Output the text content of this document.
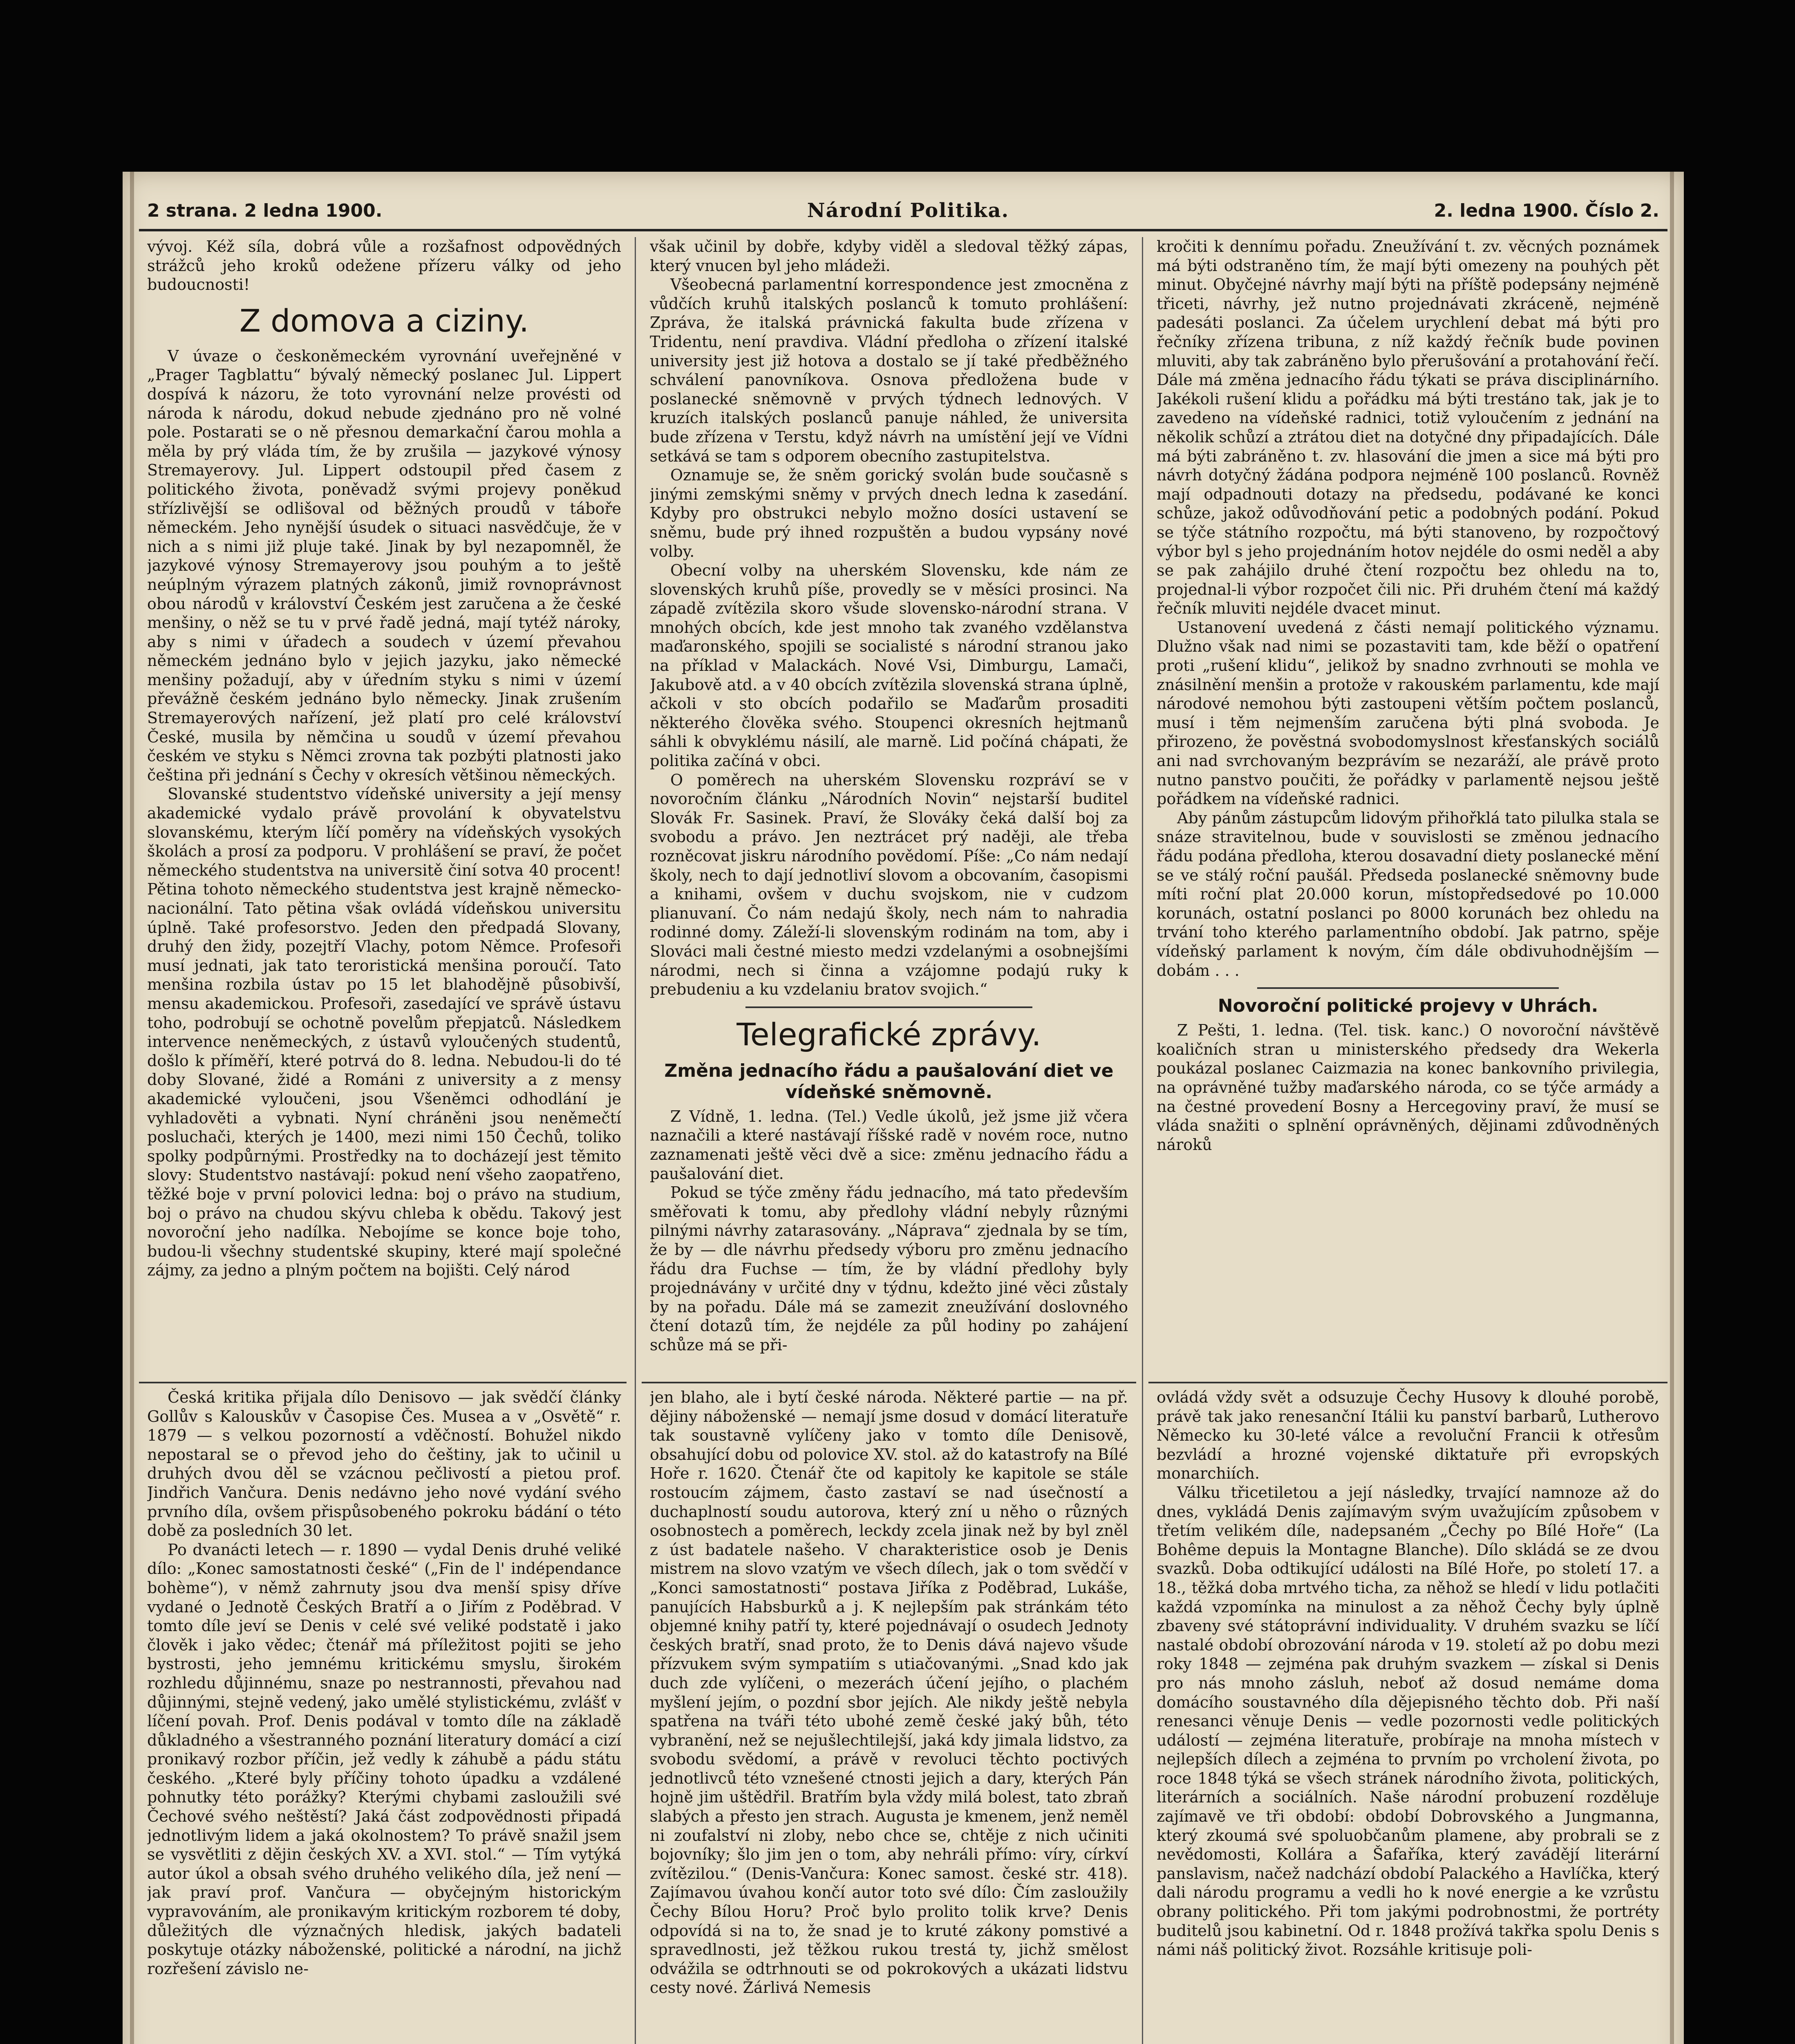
2 strana. 2 ledna 1900.	Národní Politika.	2. ledna 1900. Číslo 2.

vývoj. Kéž síla, dobrá vůle a rozšafnost odpovědných strážců jeho kroků odežene přízeru války od jeho budoucnosti!

Z domova a ciziny.

V úvaze o českoněmeckém vyrovnání uveřejněné v „Prager Tagblattu“ bývalý německý poslanec Jul. Lippert dospívá k názoru, že toto vyrovnání nelze provésti od národa k národu, dokud nebude zjednáno pro ně volné pole. Postarati se o ně přesnou demarkační čarou mohla a měla by prý vláda tím, že by zrušila — jazykové výnosy Stremayerovy. Jul. Lippert odstoupil před časem z politického života, poněvadž svými projevy poněkud střízlivější se odlišoval od běžných proudů v táboře německém. Jeho nynější úsudek o situaci nasvědčuje, že v nich a s nimi již pluje také. Jinak by byl nezapomněl, že jazykové výnosy Stremayerovy jsou pouhým a to ještě neúplným výrazem platných zákonů, jimiž rovnoprávnost obou národů v království Českém jest zaručena a že české menšiny, o něž se tu v prvé řadě jedná, mají tytéž nároky, aby s nimi v úřadech a soudech v území převahou německém jednáno bylo v jejich jazyku, jako německé menšiny požadují, aby v úředním styku s nimi v území převážně českém jednáno bylo německy. Jinak zrušením Stremayerových nařízení, jež platí pro celé království České, musila by němčina u soudů v území převahou českém ve styku s Němci zrovna tak pozbýti platnosti jako čeština při jednání s Čechy v okresích většinou německých.

Slovanské studentstvo vídeňské university a její mensy akademické vydalo právě provolání k obyvatelstvu slovanskému, kterým líčí poměry na vídeňských vysokých školách a prosí za podporu. V prohlášení se praví, že počet německého studentstva na universitě činí sotva 40 procent! Pětina tohoto německého studentstva jest krajně německo-nacionální. Tato pětina však ovládá vídeňskou universitu úplně. Také profesorstvo. Jeden den předpadá Slovany, druhý den židy, pozejtří Vlachy, potom Němce. Profesoři musí jednati, jak tato teroristická menšina poroučí. Tato menšina rozbila ústav po 15 let blahodějně působivší, mensu akademickou. Profesoři, zasedající ve správě ústavu toho, podrobují se ochotně povelům přepjatců. Následkem intervence neněmeckých, z ústavů vyloučených studentů, došlo k příměří, které potrvá do 8. ledna. Nebudou-li do té doby Slované, židé a Románi z university a z mensy akademické vyloučeni, jsou Všeněmci odhodlání je vyhladověti a vybnati. Nyní chráněni jsou neněmečtí posluchači, kterých je 1400, mezi nimi 150 Čechů, toliko spolky podpůrnými. Prostředky na to docházejí jest těmito slovy: Studentstvo nastávají: pokud není všeho zaopatřeno, těžké boje v první polovici ledna: boj o právo na studium, boj o právo na chudou skývu chleba k obědu. Takový jest novoroční jeho nadílka. Nebojíme se konce boje toho, budou-li všechny studentské skupiny, které mají společné zájmy, za jedno a plným počtem na bojišti. Celý národ

však učinil by dobře, kdyby viděl a sledoval těžký zápas, který vnucen byl jeho mládeži.

Všeobecná parlamentní korrespondence jest zmocněna z vůdčích kruhů italských poslanců k tomuto prohlášení: Zpráva, že italská právnická fakulta bude zřízena v Tridentu, není pravdiva. Vládní předloha o zřízení italské university jest již hotova a dostalo se jí také předběžného schválení panovníkova. Osnova předložena bude v poslanecké sněmovně v prvých týdnech lednových. V kruzích italských poslanců panuje náhled, že universita bude zřízena v Terstu, když návrh na umístění její ve Vídni setkává se tam s odporem obecního zastupitelstva.

Oznamuje se, že sněm gorický svolán bude současně s jinými zemskými sněmy v prvých dnech ledna k zasedání. Kdyby pro obstrukci nebylo možno dosíci ustavení se sněmu, bude prý ihned rozpuštěn a budou vypsány nové volby.

Obecní volby na uherském Slovensku, kde nám ze slovenských kruhů píše, provedly se v měsíci prosinci. Na západě zvítězila skoro všude slovensko-národní strana. V mnohých obcích, kde jest mnoho tak zvaného vzdělanstva maďaronského, spojili se socialisté s národní stranou jako na příklad v Malackách. Nové Vsi, Dimburgu, Lamači, Jakubově atd. a v 40 obcích zvítězila slovenská strana úplně, ačkoli v sto obcích podařilo se Maďarům prosaditi některého člověka svého. Stoupenci okresních hejtmanů sáhli k obvyklému násilí, ale marně. Lid počíná chápati, že politika začíná v obci.

O poměrech na uherském Slovensku rozpráví se v novoročním článku „Národních Novin“ nejstarší buditel Slovák Fr. Sasinek. Praví, že Slováky čeká další boj za svobodu a právo. Jen neztrácet prý naději, ale třeba rozněcovat jiskru národního povědomí. Píše: „Co nám nedají školy, nech to dají jednotliví slovom a obcovaním, časopismi a knihami, ovšem v duchu svojskom, nie v cudzom plianuvaní. Čo nám nedajú školy, nech nám to nahradia rodinné domy. Záleží-li slovenským rodinám na tom, aby i Slováci mali čestné miesto medzi vzdelanými a osobnejšími národmi, nech si činna a vzájomne podajú ruky k prebudeniu a ku vzdelaniu bratov svojich.“

Telegrafické zprávy.
Změna jednacího řádu a paušalování diet ve vídeňské sněmovně.

Z Vídně, 1. ledna. (Tel.) Vedle úkolů, jež jsme již včera naznačili a které nastávají říšské radě v novém roce, nutno zaznamenati ještě věci dvě a sice: změnu jednacího řádu a paušalování diet.

Pokud se týče změny řádu jednacího, má tato především směřovati k tomu, aby předlohy vládní nebyly různými pilnými návrhy zatarasovány. „Náprava“ zjednala by se tím, že by — dle návrhu předsedy výboru pro změnu jednacího řádu dra Fuchse — tím, že by vládní předlohy byly projednávány v určité dny v týdnu, kdežto jiné věci zůstaly by na pořadu. Dále má se zamezit zneužívání doslovného čtení dotazů tím, že nejdéle za půl hodiny po zahájení schůze má se při-

kročiti k dennímu pořadu. Zneužívání t. zv. věcných poznámek má býti odstraněno tím, že mají býti omezeny na pouhých pět minut. Obyčejné návrhy mají býti na příště podepsány nejméně třiceti, návrhy, jež nutno projednávati zkráceně, nejméně padesáti poslanci. Za účelem urychlení debat má býti pro řečníky zřízena tribuna, z níž každý řečník bude povinen mluviti, aby tak zabráněno bylo přerušování a protahování řečí. Dále má změna jednacího řádu týkati se práva disciplinárního. Jakékoli rušení klidu a pořádku má býti trestáno tak, jak je to zavedeno na vídeňské radnici, totiž vyloučením z jednání na několik schůzí a ztrátou diet na dotyčné dny připadajících. Dále má býti zabráněno t. zv. hlasování die jmen a sice má býti pro návrh dotyčný žádána podpora nejméně 100 poslanců. Rovněž mají odpadnouti dotazy na předsedu, podávané ke konci schůze, jakož odůvodňování petic a podobných podání. Pokud se týče státního rozpočtu, má býti stanoveno, by rozpočtový výbor byl s jeho projednáním hotov nejdéle do osmi neděl a aby se pak zahájilo druhé čtení rozpočtu bez ohledu na to, projednal-li výbor rozpočet čili nic. Při druhém čtení má každý řečník mluviti nejdéle dvacet minut.

Ustanovení uvedená z části nemají politického významu. Dlužno však nad nimi se pozastaviti tam, kde běží o opatření proti „rušení klidu“, jelikož by snadno zvrhnouti se mohla ve znásilnění menšin a protože v rakouském parlamentu, kde mají národové nemohou býti zastoupeni větším počtem poslanců, musí i těm nejmenším zaručena býti plná svoboda. Je přirozeno, že pověstná svobodomyslnost křesťanských sociálů ani nad svrchovaným bezprávím se nezaráží, ale právě proto nutno panstvo poučiti, že pořádky v parlamentě nejsou ještě pořádkem na vídeňské radnici.

Aby pánům zástupcům lidovým přihořklá tato pilulka stala se snáze stravitelnou, bude v souvislosti se změnou jednacího řádu podána předloha, kterou dosavadní diety poslanecké mění se ve stálý roční paušál. Předseda poslanecké sněmovny bude míti roční plat 20.000 korun, místopředsedové po 10.000 korunách, ostatní poslanci po 8000 korunách bez ohledu na trvání toho kterého parlamentního období. Jak patrno, spěje vídeňský parlament k novým, čím dále obdivuhodnějším — dobám . . .

Novoroční politické projevy v Uhrách.

Z Pešti, 1. ledna. (Tel. tisk. kanc.) O novoroční návštěvě koaličních stran u ministerského předsedy dra Wekerla poukázal poslanec Caizmazia na konec bankovního privilegia, na oprávněné tužby maďarského národa, co se týče armády a na čestné provedení Bosny a Hercegoviny praví, že musí se vláda snažiti o splnění oprávněných, dějinami zdůvodněných nároků

Česká kritika přijala dílo Denisovo — jak svědčí články Gollův s Kalouskův v Časopise Čes. Musea a v „Osvětě“ r. 1879 — s velkou pozorností a vděčností. Bohužel nikdo nepostaral se o převod jeho do češtiny, jak to učinil u druhých dvou děl se vzácnou pečlivostí a pietou prof. Jindřich Vančura. Denis nedávno jeho nové vydání svého prvního díla, ovšem přispůsobeného pokroku bádání o této době za posledních 30 let.

Po dvanácti letech — r. 1890 — vydal Denis druhé veliké dílo: „Konec samostatnosti české“ („Fin de l' indépendance bohème“), v němž zahrnuty jsou dva menší spisy dříve vydané o Jednotě Českých Bratří a o Jiřím z Poděbrad. V tomto díle jeví se Denis v celé své veliké podstatě i jako člověk i jako vědec; čtenář má příležitost pojiti se jeho bystrosti, jeho jemnému kritickému smyslu, širokém rozhledu důjinnému, snaze po nestrannosti, převahou nad důjinnými, stejně vedený, jako umělé stylistickému, zvlášť v líčení povah. Prof. Denis podával v tomto díle na základě důkladného a všestranného poznání literatury domácí a cizí pronikavý rozbor příčin, jež vedly k záhubě a pádu státu českého. „Které byly příčiny tohoto úpadku a vzdálené pohnutky této porážky? Kterými chybami zasloužili své Čechové svého neštěstí? Jaká část zodpovědnosti připadá jednotlivým lidem a jaká okolnostem? To právě snažil jsem se vysvětliti z dějin českých XV. a XVI. stol.“ — Tím vytýká autor úkol a obsah svého druhého velikého díla, jež není — jak praví prof. Vančura — obyčejným historickým vypravováním, ale pronikavým kritickým rozborem té doby, důležitých dle význačných hledisk, jakých badateli poskytuje otázky náboženské, politické a národní, na jichž rozřešení závislo ne-

jen blaho, ale i bytí české národa. Některé partie — na př. dějiny náboženské — nemají jsme dosud v domácí literatuře tak soustavně vylíčeny jako v tomto díle Denisově, obsahující dobu od polovice XV. stol. až do katastrofy na Bílé Hoře r. 1620. Čtenář čte od kapitoly ke kapitole se stále rostoucím zájmem, často zastaví se nad úsečností a duchaplností soudu autorova, který zní u něho o různých osobnostech a poměrech, leckdy zcela jinak než by byl zněl z úst badatele našeho. V charakteristice osob je Denis mistrem na slovo vzatým ve všech dílech, jak o tom svědčí v „Konci samostatnosti“ postava Jiříka z Poděbrad, Lukáše, panujících Habsburků a j. K nejlepším pak stránkám této objemné knihy patří ty, které pojednávají o osudech Jednoty českých bratří, snad proto, že to Denis dává najevo všude přízvukem svým sympatiím s utiačovanými. „Snad kdo jak duch zde vylíčeni, o mezerách účení jejího, o plachém myšlení jejím, o pozdní sbor jejích. Ale nikdy ještě nebyla spatřena na tváři této ubohé země české jaký bůh, této vybranění, než se nejušlechtilejší, jaká kdy jimala lidstvo, za svobodu svědomí, a právě v revoluci těchto poctivých jednotlivců této vznešené ctnosti jejich a dary, kterých Pán hojně jim uštědřil. Bratřím byla vždy milá bolest, tato zbraň slabých a přesto jen strach. Augusta je kmenem, jenž neměl ni zoufalství ni zloby, nebo chce se, chtěje z nich učiniti bojovníky; šlo jim jen o tom, aby nehráli přímo: víry, církví zvítězilou.“ (Denis-Vančura: Konec samost. české str. 418). Zajímavou úvahou končí autor toto své dílo: Čím zasloužily Čechy Bílou Horu? Proč bylo prolito tolik krve? Denis odpovídá si na to, že snad je to kruté zákony pomstivé a spravedlnosti, jež těžkou rukou trestá ty, jichž smělost odvážila se odtrhnouti se od pokrokových a ukázati lidstvu cesty nové. Žárlivá Nemesis

ovládá vždy svět a odsuzuje Čechy Husovy k dlouhé porobě, právě tak jako renesanční Itálii ku panství barbarů, Lutherovo Německo ku 30-leté válce a revoluční Francii k otřesům bezvládí a hrozné vojenské diktatuře při evropských monarchiích.

Válku třicetiletou a její následky, trvající namnoze až do dnes, vykládá Denis zajímavým svým uvažujícím způsobem v třetím velikém díle, nadepsaném „Čechy po Bílé Hoře“ (La Bohême depuis la Montagne Blanche). Dílo skládá se ze dvou svazků. Doba odtikující události na Bílé Hoře, po století 17. a 18., těžká doba mrtvého ticha, za něhož se hledí v lidu potlačiti každá vzpomínka na minulost a za něhož Čechy byly úplně zbaveny své státoprávní individuality. V druhém svazku se líčí nastalé období obrozování národa v 19. století až po dobu mezi roky 1848 — zejména pak druhým svazkem — získal si Denis pro nás mnoho zásluh, neboť až dosud nemáme doma domácího soustavného díla dějepisného těchto dob. Při naší renesanci věnuje Denis — vedle pozornosti vedle politických událostí — zejména literatuře, probíraje na mnoha místech v nejlepších dílech a zejména to prvním po vrcholení života, po roce 1848 týká se všech stránek národního života, politických, literárních a sociálních. Naše národní probuzení rozděluje zajímavě ve tři období: období Dobrovského a Jungmanna, který zkoumá své spoluobčanům plamene, aby probrali se z nevědomosti, Kollára a Šafaříka, který zavádějí literární panslavism, načež nadchází období Palackého a Havlíčka, který dali národu programu a vedli ho k nové energie a ke vzrůstu obrany politického. Při tom jakými podrobnostmi, že portréty buditelů jsou kabinetní. Od r. 1848 prožívá takřka spolu Denis s námi náš politický život. Rozsáhle kritisuje poli-
